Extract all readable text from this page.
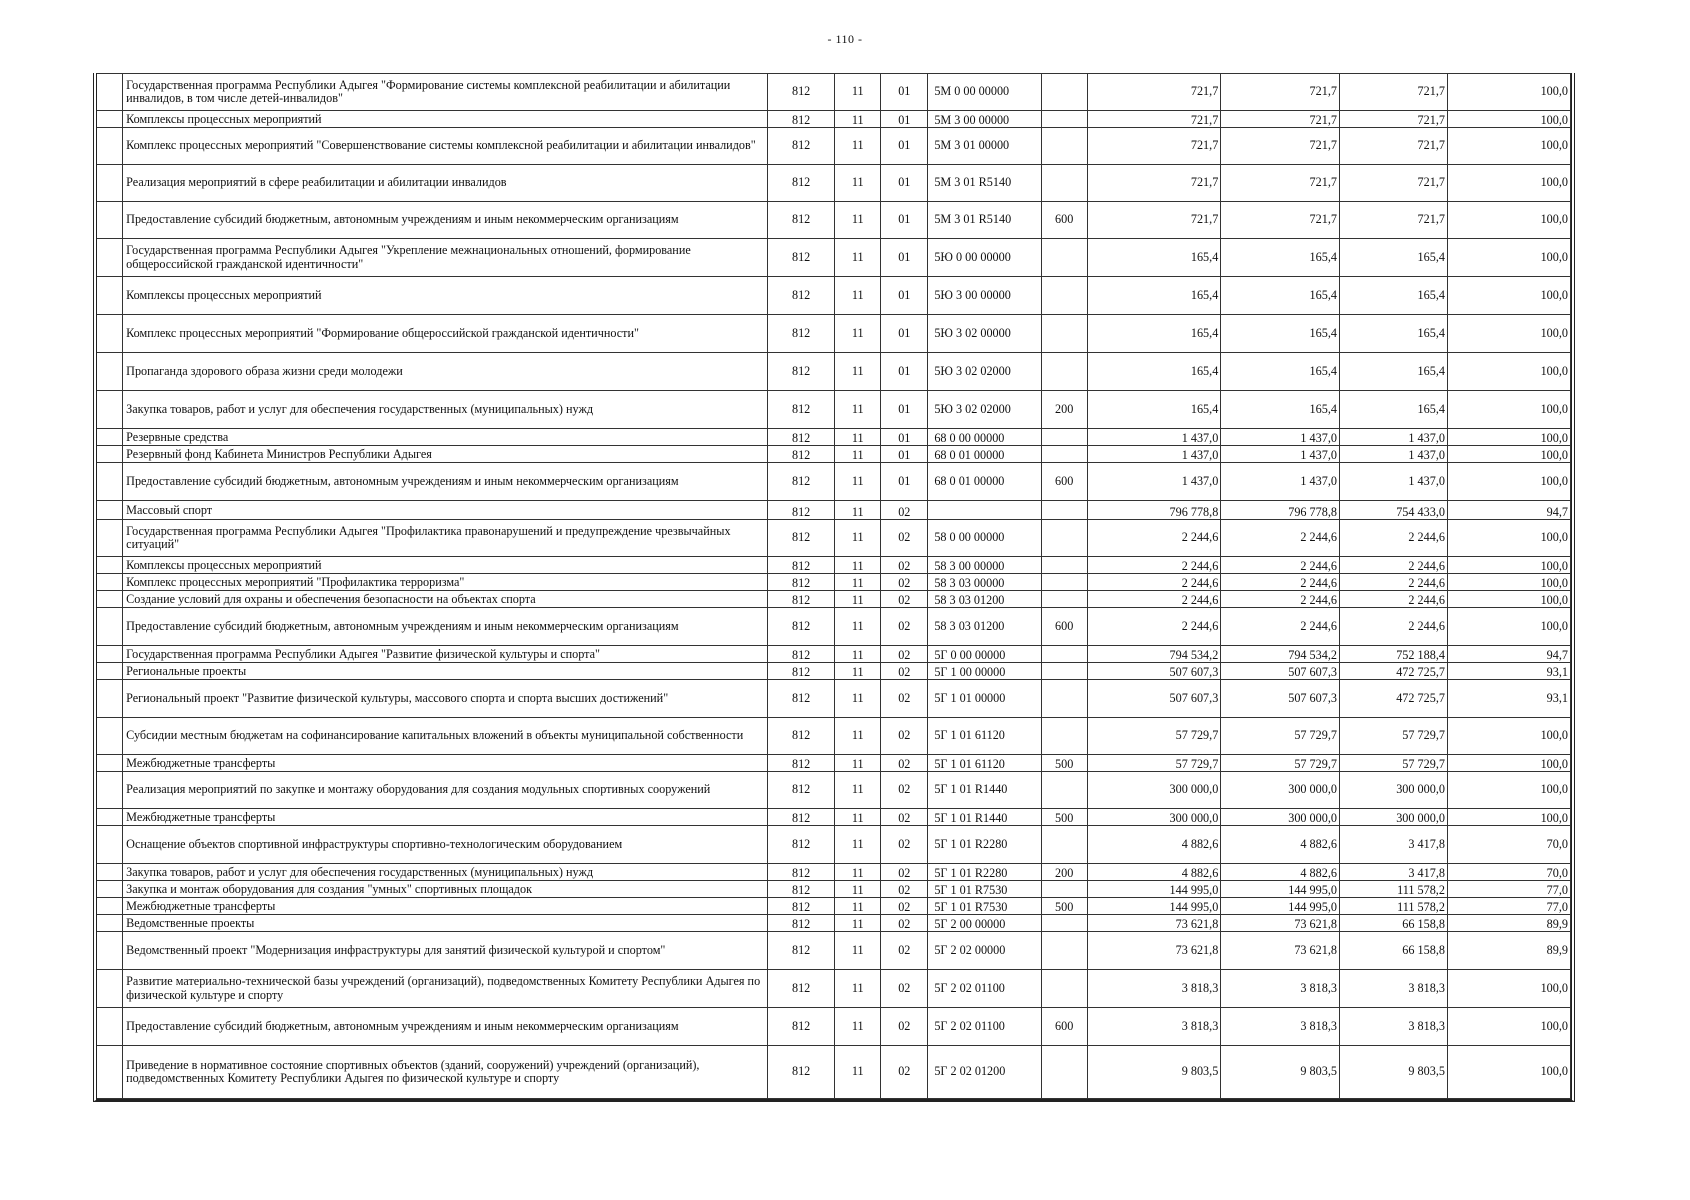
- 110 -
	Государственная программа Республики Адыгея "Формирование системы комплексной реабилитации и абилитации инвалидов, в том числе детей-инвалидов"	812	11	01	5М 0 00 00000		721,7	721,7	721,7	100,0
	Комплексы процессных мероприятий	812	11	01	5М 3 00 00000		721,7	721,7	721,7	100,0
	Комплекс процессных мероприятий "Совершенствование системы комплексной реабилитации и абилитации инвалидов"	812	11	01	5М 3 01 00000		721,7	721,7	721,7	100,0
	Реализация мероприятий в сфере реабилитации и абилитации инвалидов	812	11	01	5М 3 01 R5140		721,7	721,7	721,7	100,0
	Предоставление субсидий бюджетным, автономным учреждениям и иным некоммерческим организациям	812	11	01	5М 3 01 R5140	600	721,7	721,7	721,7	100,0
	Государственная программа Республики Адыгея "Укрепление межнациональных отношений, формирование общероссийской гражданской идентичности"	812	11	01	5Ю 0 00 00000		165,4	165,4	165,4	100,0
	Комплексы процессных мероприятий	812	11	01	5Ю 3 00 00000		165,4	165,4	165,4	100,0
	Комплекс процессных мероприятий "Формирование общероссийской гражданской идентичности"	812	11	01	5Ю 3 02 00000		165,4	165,4	165,4	100,0
	Пропаганда здорового образа жизни среди молодежи	812	11	01	5Ю 3 02 02000		165,4	165,4	165,4	100,0
	Закупка товаров, работ и услуг для обеспечения государственных (муниципальных) нужд	812	11	01	5Ю 3 02 02000	200	165,4	165,4	165,4	100,0
	Резервные средства	812	11	01	68 0 00 00000		1 437,0	1 437,0	1 437,0	100,0
	Резервный фонд Кабинета Министров Республики Адыгея	812	11	01	68 0 01 00000		1 437,0	1 437,0	1 437,0	100,0
	Предоставление субсидий бюджетным, автономным учреждениям и иным некоммерческим организациям	812	11	01	68 0 01 00000	600	1 437,0	1 437,0	1 437,0	100,0
	Массовый спорт	812	11	02			796 778,8	796 778,8	754 433,0	94,7
	Государственная программа Республики Адыгея "Профилактика правонарушений и предупреждение чрезвычайных ситуаций"	812	11	02	58 0 00 00000		2 244,6	2 244,6	2 244,6	100,0
	Комплексы процессных мероприятий	812	11	02	58 3 00 00000		2 244,6	2 244,6	2 244,6	100,0
	Комплекс процессных мероприятий "Профилактика терроризма"	812	11	02	58 3 03 00000		2 244,6	2 244,6	2 244,6	100,0
	Создание условий для охраны и обеспечения безопасности на объектах спорта	812	11	02	58 3 03 01200		2 244,6	2 244,6	2 244,6	100,0
	Предоставление субсидий бюджетным, автономным учреждениям и иным некоммерческим организациям	812	11	02	58 3 03 01200	600	2 244,6	2 244,6	2 244,6	100,0
	Государственная программа Республики Адыгея "Развитие физической культуры и спорта"	812	11	02	5Г 0 00 00000		794 534,2	794 534,2	752 188,4	94,7
	Региональные проекты	812	11	02	5Г 1 00 00000		507 607,3	507 607,3	472 725,7	93,1
	Региональный проект "Развитие физической культуры, массового спорта и спорта высших достижений"	812	11	02	5Г 1 01 00000		507 607,3	507 607,3	472 725,7	93,1
	Субсидии местным бюджетам на софинансирование капитальных вложений в объекты муниципальной собственности	812	11	02	5Г 1 01 61120		57 729,7	57 729,7	57 729,7	100,0
	Межбюджетные трансферты	812	11	02	5Г 1 01 61120	500	57 729,7	57 729,7	57 729,7	100,0
	Реализация мероприятий по закупке и монтажу оборудования для создания модульных спортивных сооружений	812	11	02	5Г 1 01 R1440		300 000,0	300 000,0	300 000,0	100,0
	Межбюджетные трансферты	812	11	02	5Г 1 01 R1440	500	300 000,0	300 000,0	300 000,0	100,0
	Оснащение объектов спортивной инфраструктуры спортивно-технологическим оборудованием	812	11	02	5Г 1 01 R2280		4 882,6	4 882,6	3 417,8	70,0
	Закупка товаров, работ и услуг для обеспечения государственных (муниципальных) нужд	812	11	02	5Г 1 01 R2280	200	4 882,6	4 882,6	3 417,8	70,0
	Закупка и монтаж оборудования для создания "умных" спортивных площадок	812	11	02	5Г 1 01 R7530		144 995,0	144 995,0	111 578,2	77,0
	Межбюджетные трансферты	812	11	02	5Г 1 01 R7530	500	144 995,0	144 995,0	111 578,2	77,0
	Ведомственные проекты	812	11	02	5Г 2 00 00000		73 621,8	73 621,8	66 158,8	89,9
	Ведомственный проект "Модернизация инфраструктуры для занятий физической культурой и спортом"	812	11	02	5Г 2 02 00000		73 621,8	73 621,8	66 158,8	89,9
	Развитие материально-технической базы учреждений (организаций), подведомственных Комитету Республики Адыгея по физической культуре и спорту	812	11	02	5Г 2 02 01100		3 818,3	3 818,3	3 818,3	100,0
	Предоставление субсидий бюджетным, автономным учреждениям и иным некоммерческим организациям	812	11	02	5Г 2 02 01100	600	3 818,3	3 818,3	3 818,3	100,0
	Приведение в нормативное состояние спортивных объектов (зданий, сооружений) учреждений (организаций), подведомственных Комитету Республики Адыгея по физической культуре и спорту	812	11	02	5Г 2 02 01200		9 803,5	9 803,5	9 803,5	100,0
